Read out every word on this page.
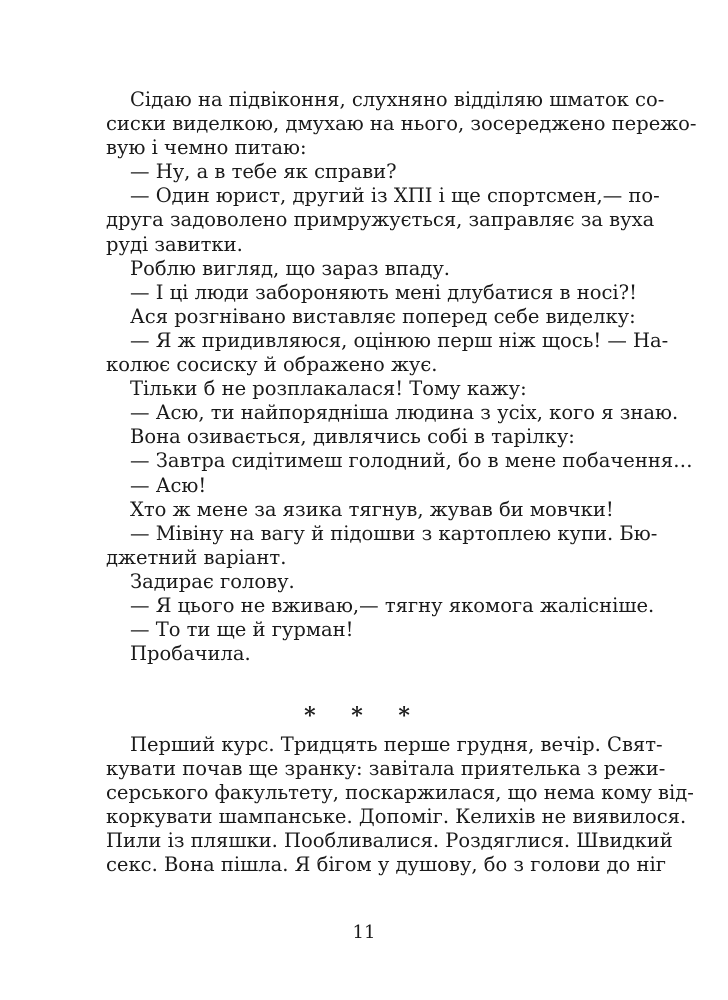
Сідаю на підвіконня, слухняно відділяю шматок со-
сиски виделкою, дмухаю на нього, зосереджено пережо-
вую і чемно питаю:
— Ну, а в тебе як справи?
— Один юрист, другий із ХПІ і ще спортсмен,— по-
друга задоволено примружується, заправляє за вуха
руді завитки.
Роблю вигляд, що зараз впаду.
— І ці люди забороняють мені длубатися в носі?!
Ася розгнівано виставляє поперед себе виделку:
— Я ж придивляюся, оцінюю перш ніж щось! — На-
колює сосиску й ображено жує.
Тільки б не розплакалася! Тому кажу:
— Асю, ти найпорядніша людина з усіх, кого я знаю.
Вона озивається, дивлячись собі в тарілку:
— Завтра сидітимеш голодний, бо в мене побачення…
— Асю!
Хто ж мене за язика тягнув, жував би мовчки!
— Мівіну на вагу й підошви з картоплею купи. Бю-
джетний варіант.
Задирає голову.
— Я цього не вживаю,— тягну якомога жалісніше.
— То ти ще й гурман!
Пробачила.
* * *
Перший курс. Тридцять перше грудня, вечір. Свят-
кувати почав ще зранку: завітала приятелька з режи-
серського факультету, поскаржилася, що нема кому від-
коркувати шампанське. Допоміг. Келихів не виявилося.
Пили із пляшки. Пообливалися. Роздяглися. Швидкий
секс. Вона пішла. Я бігом у душову, бо з голови до ніг
11
